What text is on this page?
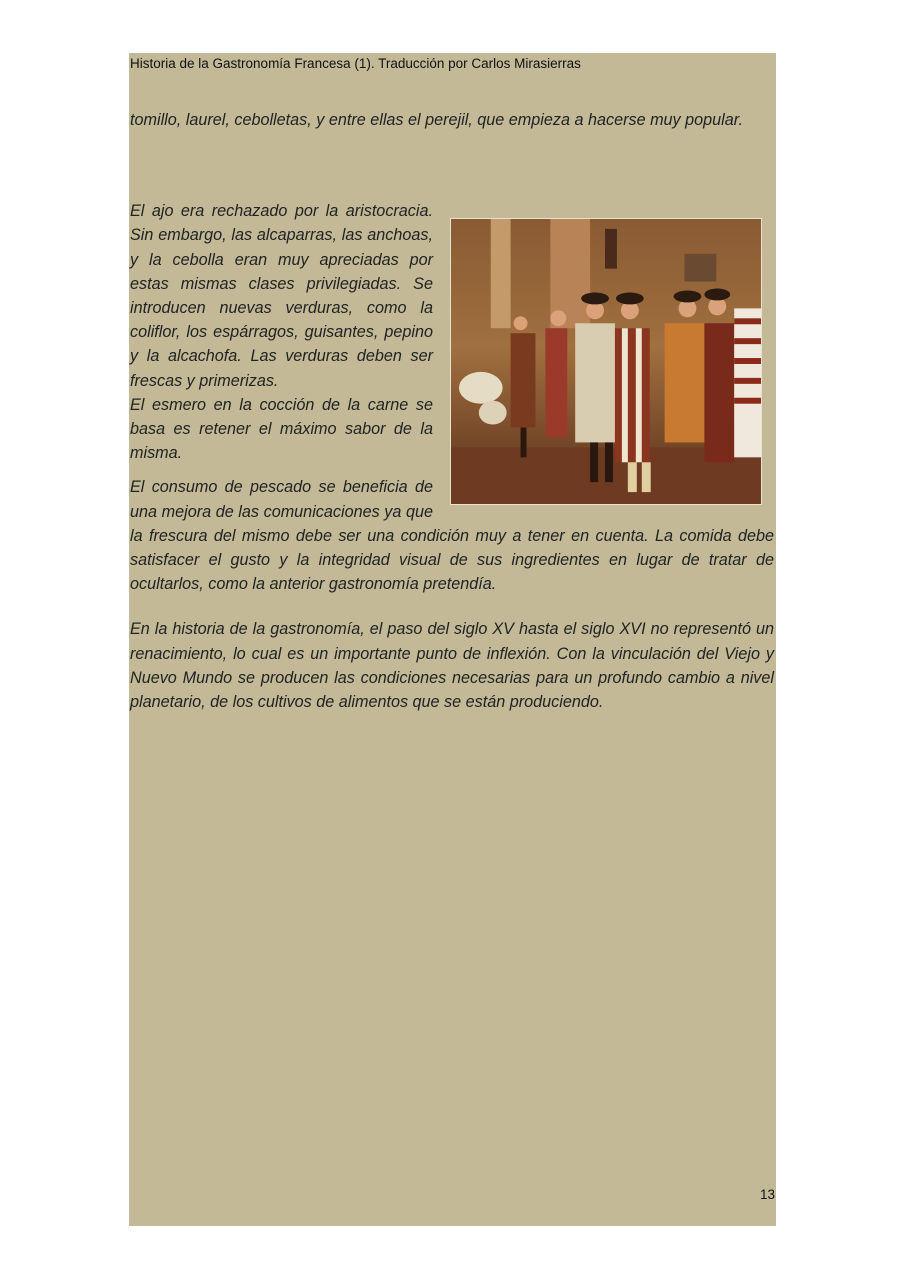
Historia de la Gastronomía Francesa (1). Traducción por Carlos Mirasierras

tomillo, laurel, cebolletas, y entre ellas el perejil, que empieza a hacerse muy popular.

El ajo era rechazado por la aristocracia. Sin embargo, las alcaparras, las anchoas, y la cebolla eran muy apreciadas por estas mismas clases privilegiadas. Se introducen nuevas verduras, como la coliflor, los espárragos, guisantes, pepino y la alcachofa. Las verduras deben ser frescas y primerizas.

El esmero en la cocción de la carne se basa es retener el máximo sabor de la misma.

El consumo de pescado se beneficia de una mejora de las comunicaciones ya que la frescura del mismo debe ser una condición muy a tener en cuenta. La comida debe satisfacer el gusto y la integridad visual de sus ingredientes en lugar de tratar de ocultarlos, como la anterior gastronomía pretendía.

En la historia de la gastronomía, el paso del siglo XV hasta el siglo XVI no representó un renacimiento, lo cual es un importante punto de inflexión. Con la vinculación del Viejo y Nuevo Mundo se producen las condiciones necesarias para un profundo cambio a nivel planetario, de los cultivos de alimentos que se están produciendo.

13
